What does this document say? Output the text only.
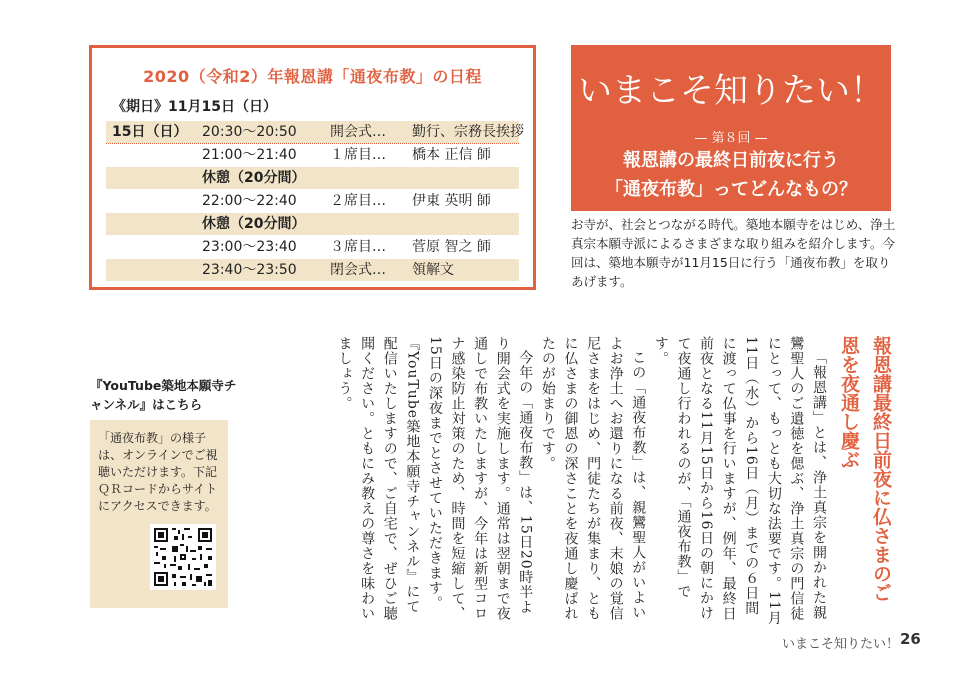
2020（令和2）年報恩講「通夜布教」の日程
《期日》11月15日（日）
15日（日） 20:30〜20:50 開会式… 勤行、宗務長挨拶
21:00〜21:40 １席目… 橋本 正信 師
休憩（20分間）
22:00〜22:40 ２席目… 伊東 英明 師
休憩（20分間）
23:00〜23:40 ３席目… 菅原 智之 師
23:40〜23:50 閉会式… 領解文
いまこそ知りたい！
— 第８回 —
報恩講の最終日前夜に行う
「通夜布教」ってどんなもの？
お寺が、社会とつながる時代。築地本願寺をはじめ、浄土真宗本願寺派によるさまざまな取り組みを紹介します。今回は、築地本願寺が11月15日に行う「通夜布教」を取りあげます。
報恩講最終日前夜に仏さまのご恩を夜通し慶ぶ

「報恩講」とは、浄土真宗を開かれた親鸞聖人のご遺徳を偲ぶ、浄土真宗の門信徒にとって、もっとも大切な法要です。11月11日（水）から16日（月）までの６日間に渡って仏事を行いますが、例年、最終日前夜となる11月15日から16日の朝にかけて夜通し行われるのが、「通夜布教」です。

この「通夜布教」は、親鸞聖人がいよいよお浄土へお還りになる前夜、末娘の覚信尼さまをはじめ、門徒たちが集まり、ともに仏さまの御恩の深さことを夜通し慶ばれたのが始まりです。

今年の「通夜布教」は、15日20時半より開会式を実施します。通常は翌朝まで夜通しで布教いたしますが、今年は新型コロナ感染防止対策のため、時間を短縮して、15日の深夜までとさせていただきます。『YouTube築地本願寺チャンネル』にて配信いたしますので、ご自宅で、ぜひご聴聞ください。ともにみ教えの尊さを味わいましょう。

『YouTube築地本願寺チャンネル』はこちら
「通夜布教」の様子は、オンラインでご視聴いただけます。下記ＱＲコードからサイトにアクセスできます。
いまこそ知りたい！ 26
